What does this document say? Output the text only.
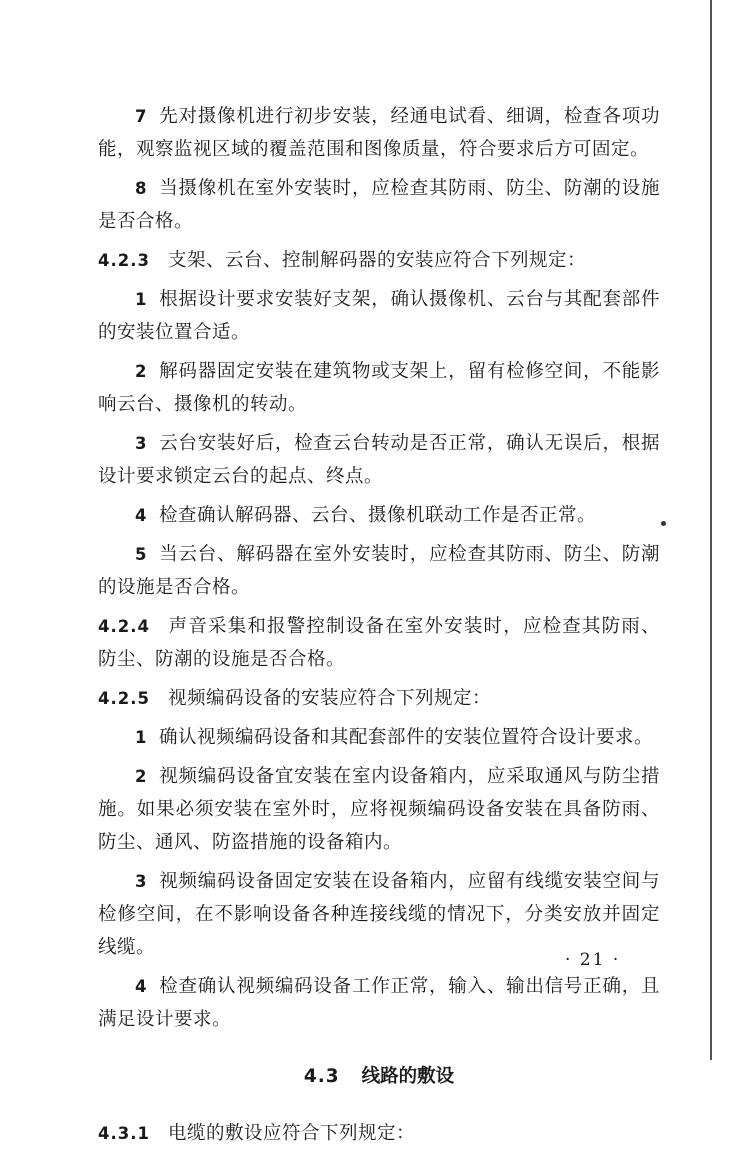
7 先对摄像机进行初步安装，经通电试看、细调，检查各项功能，观察监视区域的覆盖范围和图像质量，符合要求后方可固定。

8 当摄像机在室外安装时，应检查其防雨、防尘、防潮的设施是否合格。

4.2.3 支架、云台、控制解码器的安装应符合下列规定：

1 根据设计要求安装好支架，确认摄像机、云台与其配套部件的安装位置合适。

2 解码器固定安装在建筑物或支架上，留有检修空间，不能影响云台、摄像机的转动。

3 云台安装好后，检查云台转动是否正常，确认无误后，根据设计要求锁定云台的起点、终点。

4 检查确认解码器、云台、摄像机联动工作是否正常。

5 当云台、解码器在室外安装时，应检查其防雨、防尘、防潮的设施是否合格。

4.2.4 声音采集和报警控制设备在室外安装时，应检查其防雨、防尘、防潮的设施是否合格。

4.2.5 视频编码设备的安装应符合下列规定：

1 确认视频编码设备和其配套部件的安装位置符合设计要求。

2 视频编码设备宜安装在室内设备箱内，应采取通风与防尘措施。如果必须安装在室外时，应将视频编码设备安装在具备防雨、防尘、通风、防盗措施的设备箱内。

3 视频编码设备固定安装在设备箱内，应留有线缆安装空间与检修空间，在不影响设备各种连接线缆的情况下，分类安放并固定线缆。

4 检查确认视频编码设备工作正常，输入、输出信号正确，且满足设计要求。

4.3 线路的敷设

4.3.1 电缆的敷设应符合下列规定：

· 21 ·
